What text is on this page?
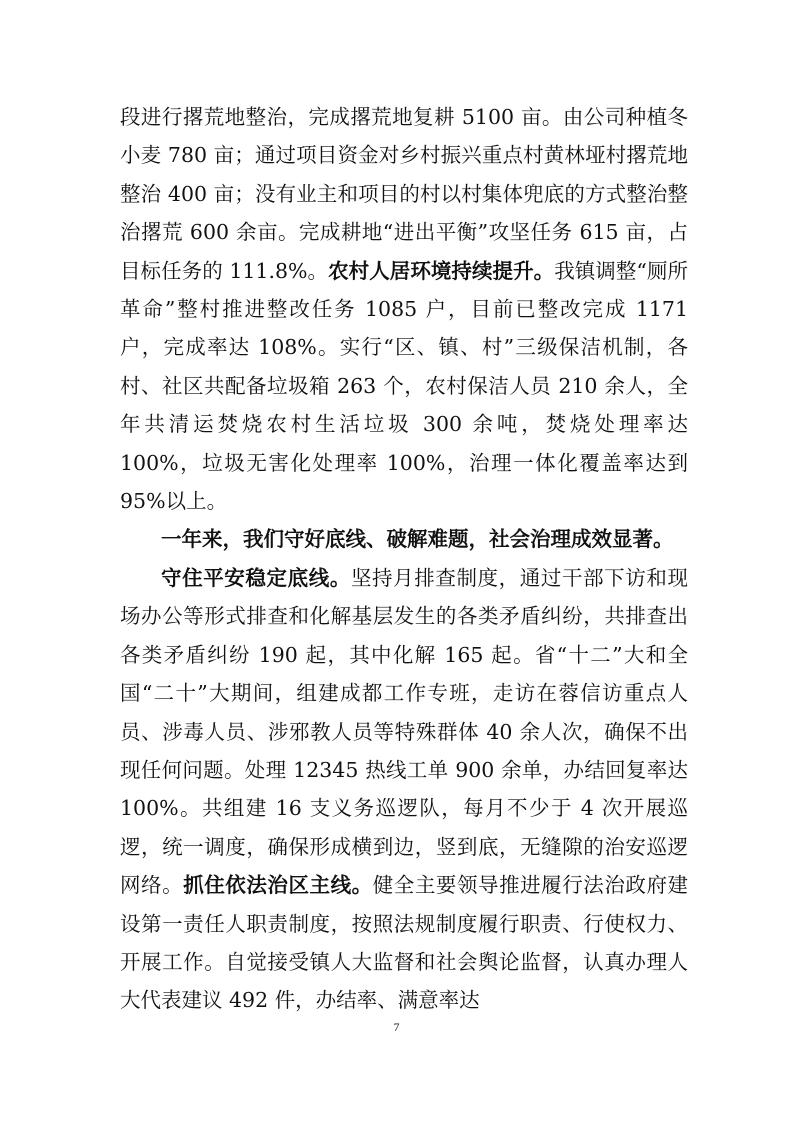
段进行撂荒地整治，完成撂荒地复耕 5100 亩。由公司种植冬小麦 780 亩；通过项目资金对乡村振兴重点村黄林垭村撂荒地整治 400 亩；没有业主和项目的村以村集体兜底的方式整治整治撂荒 600 余亩。完成耕地“进出平衡”攻坚任务 615 亩，占目标任务的 111.8%。农村人居环境持续提升。我镇调整“厕所革命”整村推进整改任务 1085 户，目前已整改完成 1171 户，完成率达 108%。实行“区、镇、村”三级保洁机制，各村、社区共配备垃圾箱 263 个，农村保洁人员 210 余人，全年共清运焚烧农村生活垃圾 300 余吨，焚烧处理率达 100%，垃圾无害化处理率 100%，治理一体化覆盖率达到 95%以上。

一年来，我们守好底线、破解难题，社会治理成效显著。

守住平安稳定底线。坚持月排查制度，通过干部下访和现场办公等形式排查和化解基层发生的各类矛盾纠纷，共排查出各类矛盾纠纷 190 起，其中化解 165 起。省“十二”大和全国“二十”大期间，组建成都工作专班，走访在蓉信访重点人员、涉毒人员、涉邪教人员等特殊群体 40 余人次，确保不出现任何问题。处理 12345 热线工单 900 余单，办结回复率达 100%。共组建 16 支义务巡逻队，每月不少于 4 次开展巡逻，统一调度，确保形成横到边，竖到底，无缝隙的治安巡逻网络。抓住依法治区主线。健全主要领导推进履行法治政府建设第一责任人职责制度，按照法规制度履行职责、行使权力、开展工作。自觉接受镇人大监督和社会舆论监督，认真办理人大代表建议 492 件，办结率、满意率达

7
